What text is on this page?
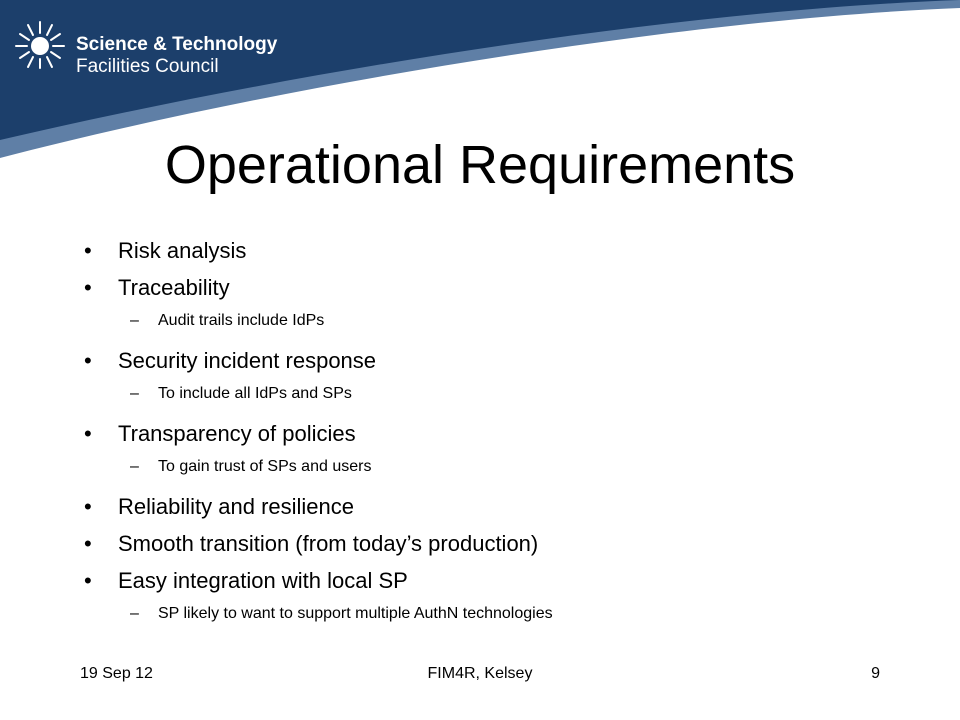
Science & Technology
Facilities Council
Operational Requirements
• Risk analysis
• Traceability
– Audit trails include IdPs
• Security incident response
– To include all IdPs and SPs
• Transparency of policies
– To gain trust of SPs and users
• Reliability and resilience
• Smooth transition (from today’s production)
• Easy integration with local SP
– SP likely to want to support multiple AuthN technologies
19 Sep 12	FIM4R, Kelsey	9
